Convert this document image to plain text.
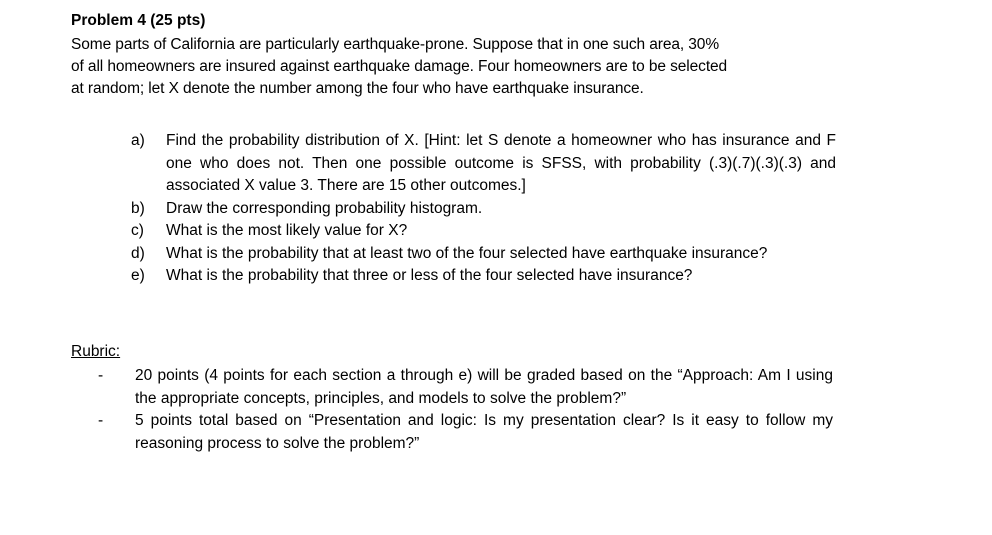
Problem 4 (25 pts)
Some parts of California are particularly earthquake-prone. Suppose that in one such area, 30%
of all homeowners are insured against earthquake damage. Four homeowners are to be selected
at random; let X denote the number among the four who have earthquake insurance.
a) Find the probability distribution of X. [Hint: let S denote a homeowner who has insurance and F one who does not. Then one possible outcome is SFSS, with probability (.3)(.7)(.3)(.3) and associated X value 3. There are 15 other outcomes.]
b) Draw the corresponding probability histogram.
c) What is the most likely value for X?
d) What is the probability that at least two of the four selected have earthquake insurance?
e) What is the probability that three or less of the four selected have insurance?
Rubric:
- 20 points (4 points for each section a through e) will be graded based on the “Approach: Am I using the appropriate concepts, principles, and models to solve the problem?”
- 5 points total based on “Presentation and logic: Is my presentation clear? Is it easy to follow my reasoning process to solve the problem?”
